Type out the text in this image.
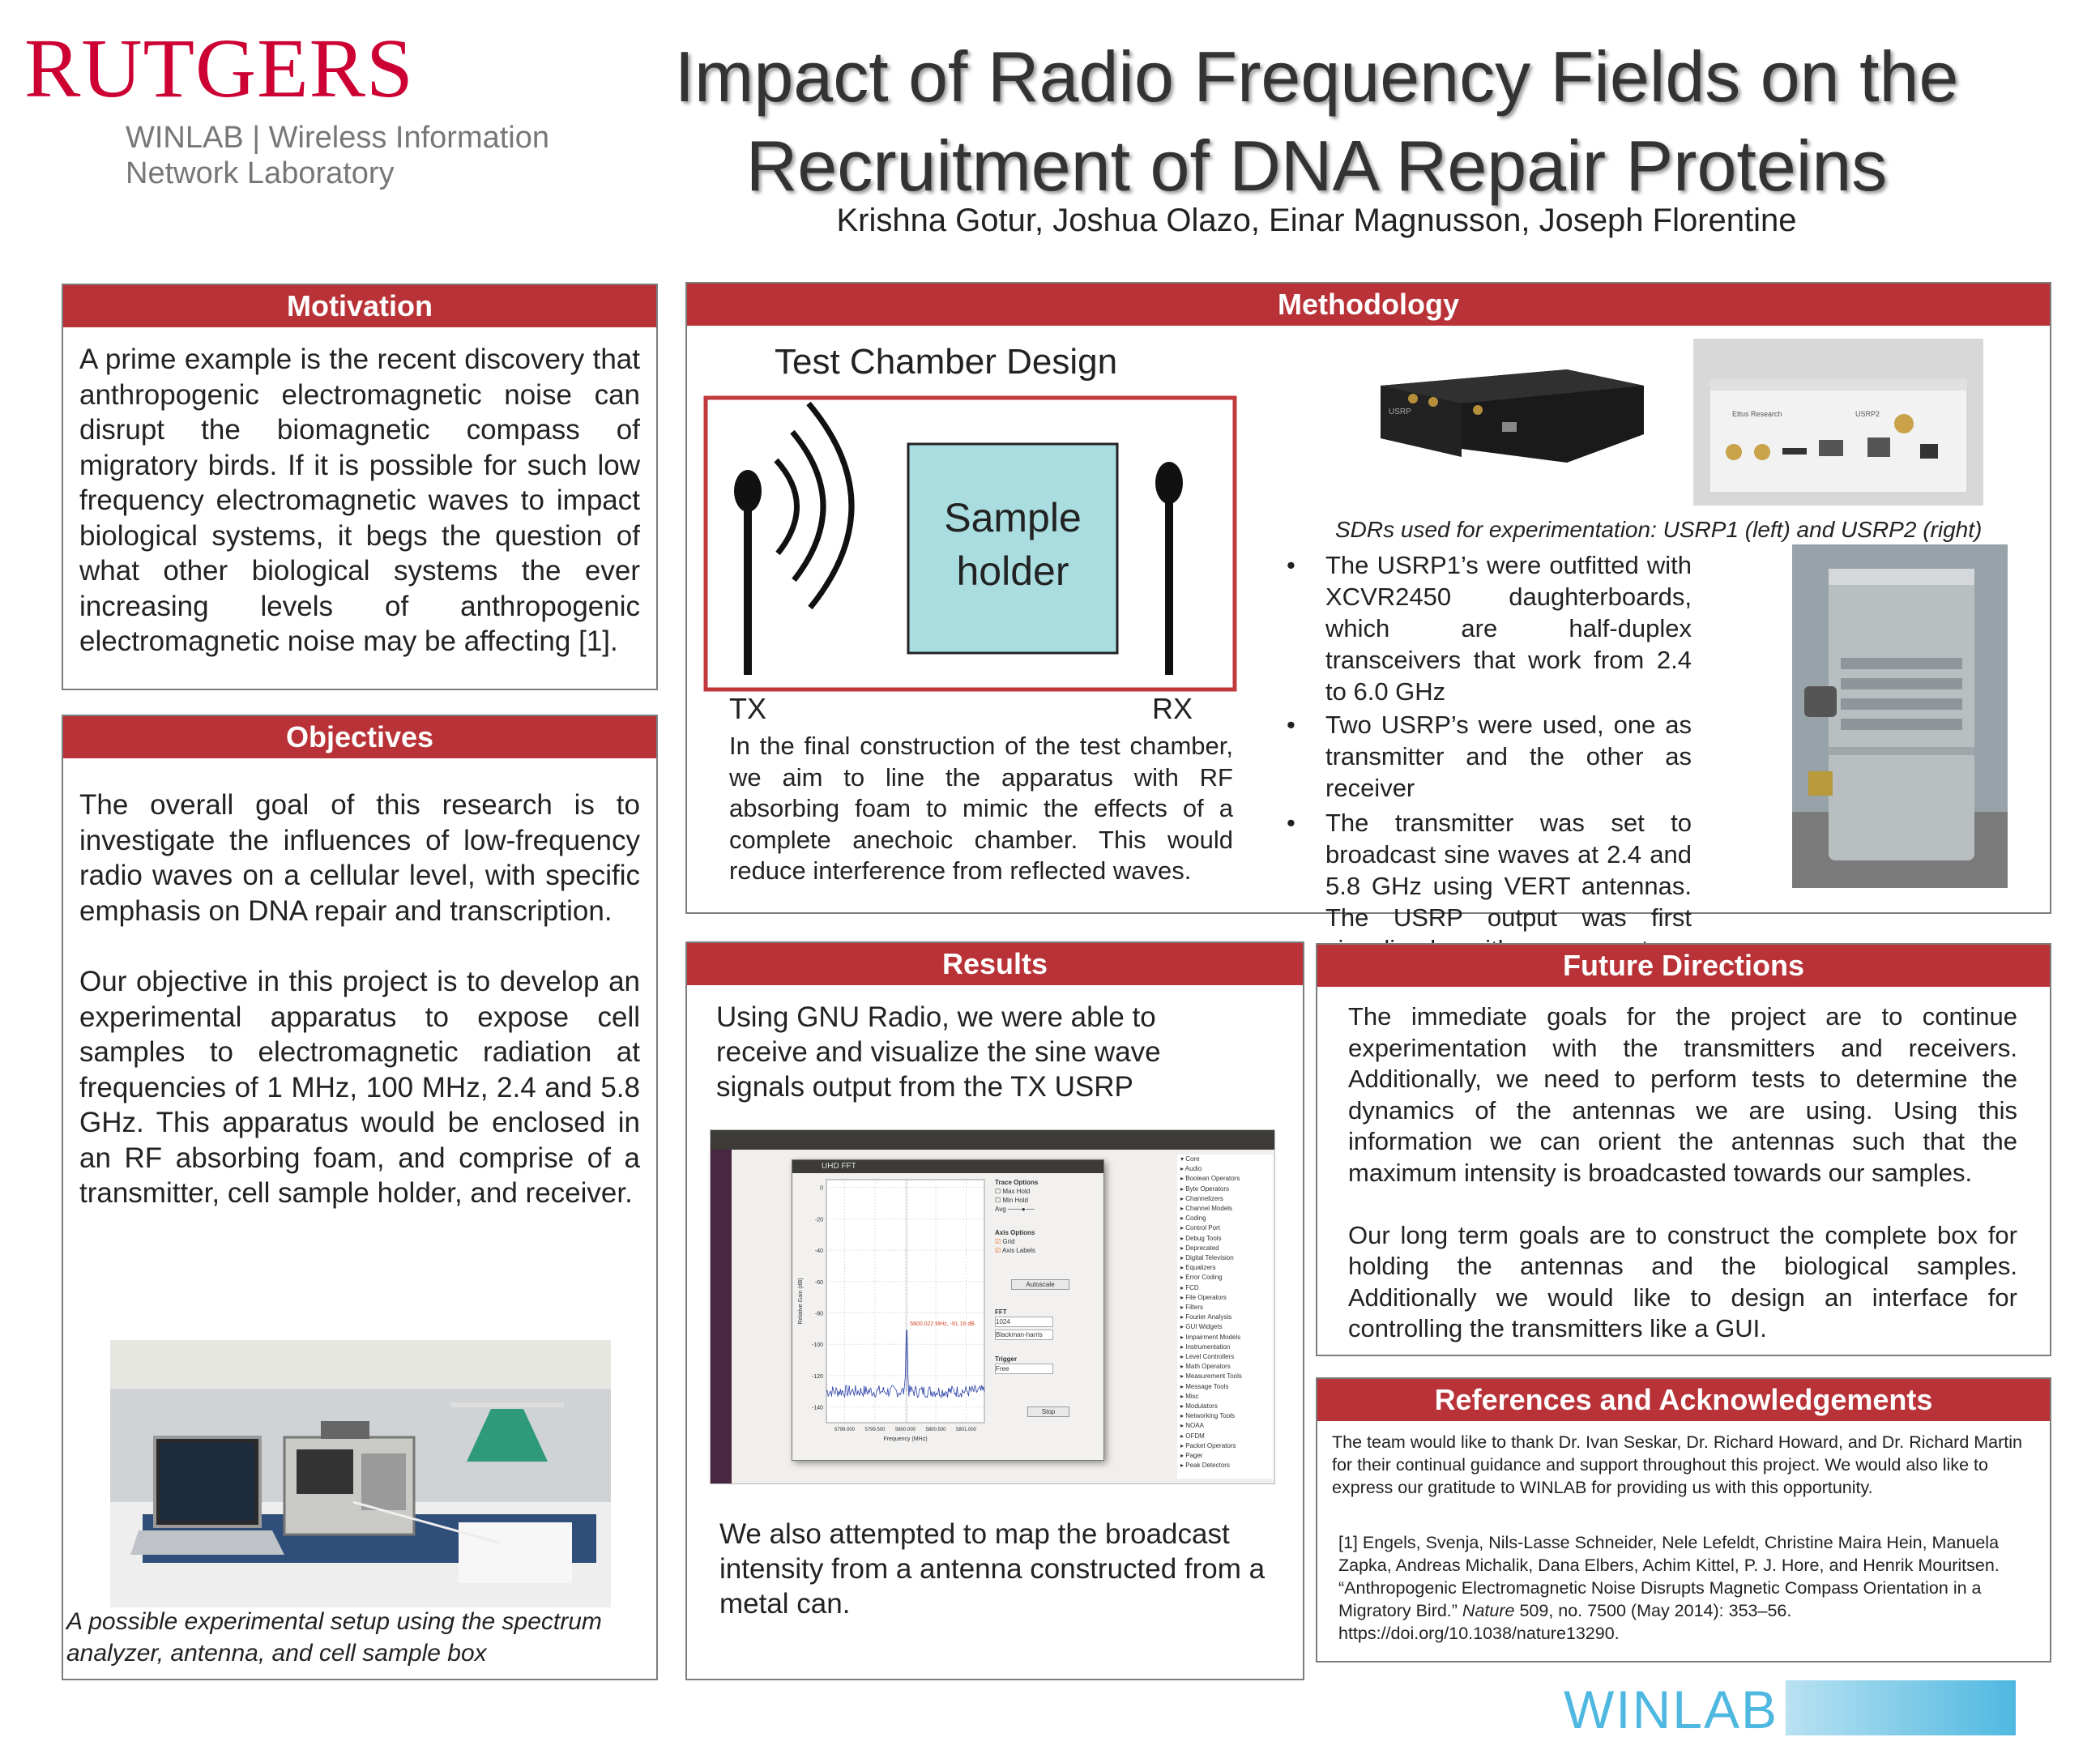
RUTGERS
WINLAB | Wireless Information
Network Laboratory
Impact of Radio Frequency Fields on the
Recruitment of DNA Repair Proteins
Krishna Gotur, Joshua Olazo, Einar Magnusson, Joseph Florentine
Motivation
A prime example is the recent discovery that anthropogenic electromagnetic noise can disrupt the biomagnetic compass of migratory birds. If it is possible for such low frequency electromagnetic waves to impact biological systems, it begs the question of what other biological systems the ever increasing levels of anthropogenic electromagnetic noise may be affecting [1].
Objectives

The overall goal of this research is to investigate the influences of low-frequency radio waves on a cellular level, with specific emphasis on DNA repair and transcription.

Our objective in this project is to develop an experimental apparatus to expose cell samples to electromagnetic radiation at frequencies of 1 MHz, 100 MHz, 2.4 and 5.8 GHz. This apparatus would be enclosed in an RF absorbing foam, and comprise of a transmitter, cell sample holder, and receiver.

A possible experimental setup using the spectrum analyzer, antenna, and cell sample box
Methodology
Test Chamber Design
Sample holder
TX	RX
In the final construction of the test chamber, we aim to line the apparatus with RF absorbing foam to mimic the effects of a complete anechoic chamber. This would reduce interference from reflected waves.
USRP	Ettus Research	USRP2
SDRs used for experimentation: USRP1 (left) and USRP2 (right)
• The USRP1’s were outfitted with XCVR2450 daughterboards, which are half-duplex transceivers that work from 2.4 to 6.0 GHz
• Two USRP’s were used, one as transmitter and the other as receiver
• The transmitter was set to broadcast sine waves at 2.4 and 5.8 GHz using VERT antennas. The USRP output was first
Results
Using GNU Radio, we were able to receive and visualize the sine wave signals output from the TX USRP
▾ Core
▸ Audio
▸ Boolean Operators
▸ Byte Operators
▸ Channelizers
▸ Channel Models
▸ Coding
▸ Control Port
▸ Debug Tools
▸ Deprecated
▸ Digital Television
▸ Equalizers
▸ Error Coding
▸ FCD
▸ File Operators
▸ Filters
▸ Fourier Analysis
▸ GUI Widgets
▸ Impairment Models
▸ Instrumentation
▸ Level Controllers
▸ Math Operators
▸ Measurement Tools
▸ Message Tools
▸ Misc
▸ Modulators
▸ Networking Tools
▸ NOAA
▸ OFDM
▸ Packet Operators
▸ Pager
▸ Peak Detectors
UHD FFT
0
-20
-40
-60
-80
-100
-120
-140
5799.000 5799.500 5800.000 5800.500 5801.000
5800.022 MHz, -91.16 dB
Relative Gain (dB)
Frequency (MHz)
Trace Options
☐ Max Hold
☐ Min Hold
Avg ───●──
Axis Options
☑ Grid
☑ Axis Labels
Autoscale
FFT
1024
Blackman-harris
Trigger
Free
Stop
We also attempted to map the broadcast intensity from a antenna constructed from a metal can.
Future Directions

The immediate goals for the project are to continue experimentation with the transmitters and receivers. Additionally, we need to perform tests to determine the dynamics of the antennas we are using. Using this information we can orient the antennas such that the maximum intensity is broadcasted towards our samples.

Our long term goals are to construct the complete box for holding the antennas and the biological samples. Additionally we would like to design an interface for controlling the transmitters like a GUI.

References and Acknowledgements
The team would like to thank Dr. Ivan Seskar, Dr. Richard Howard, and Dr. Richard Martin for their continual guidance and support throughout this project. We would also like to express our gratitude to WINLAB for providing us with this opportunity.
[1] Engels, Svenja, Nils-Lasse Schneider, Nele Lefeldt, Christine Maira Hein, Manuela Zapka, Andreas Michalik, Dana Elbers, Achim Kittel, P. J. Hore, and Henrik Mouritsen. “Anthropogenic Electromagnetic Noise Disrupts Magnetic Compass Orientation in a Migratory Bird.” Nature 509, no. 7500 (May 2014): 353–56. https://doi.org/10.1038/nature13290.
WINLAB
